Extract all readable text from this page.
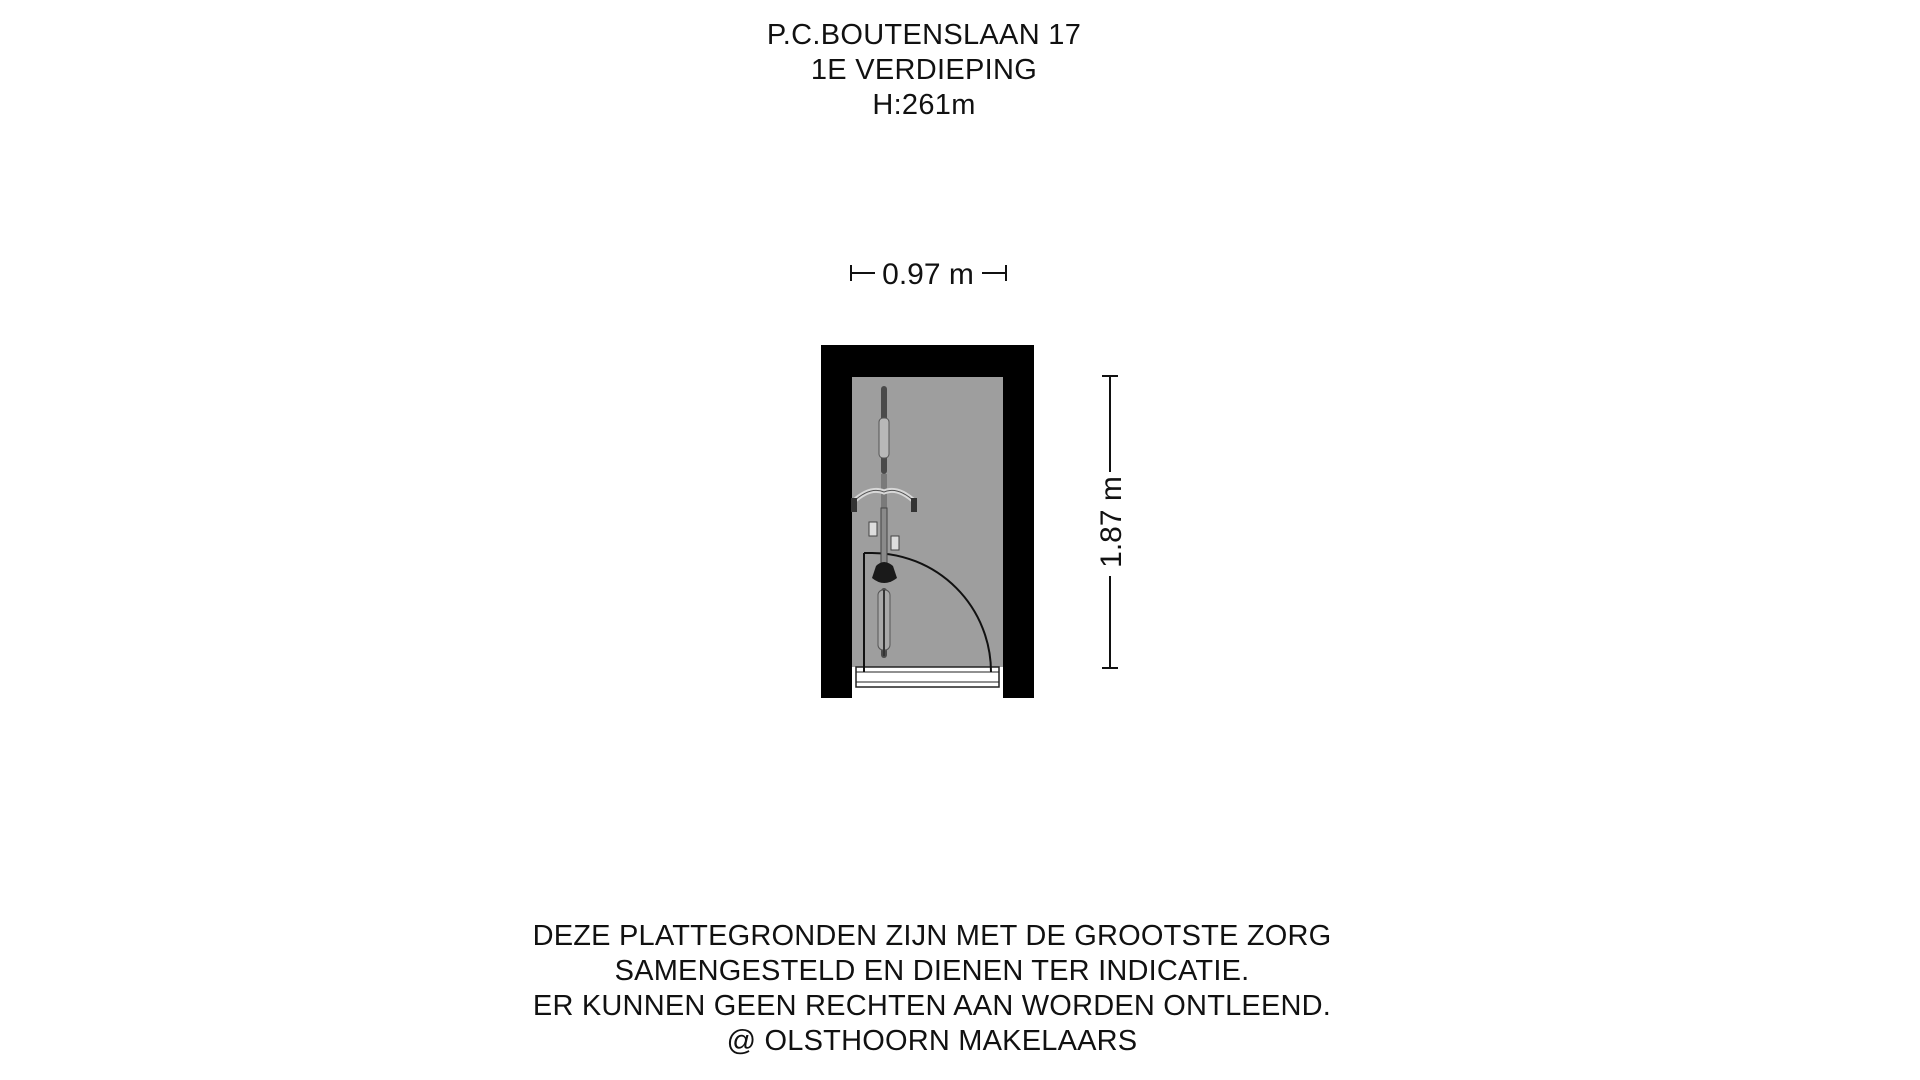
P.C.BOUTENSLAAN 17
1E VERDIEPING
H:261m
0.97 m
1.87 m
DEZE PLATTEGRONDEN ZIJN MET DE GROOTSTE ZORG
SAMENGESTELD EN DIENEN TER INDICATIE.
ER KUNNEN GEEN RECHTEN AAN WORDEN ONTLEEND.
@ OLSTHOORN MAKELAARS
